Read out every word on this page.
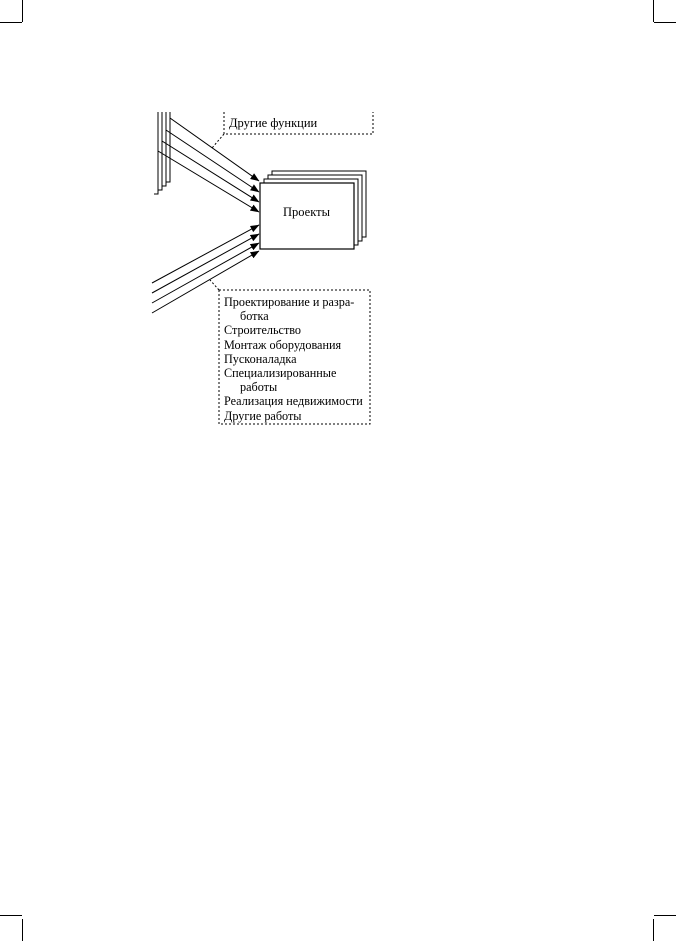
Другие функции
Проекты
Проектирование и разра-
ботка
Строительство
Монтаж оборудования
Пусконаладка
Специализированные
работы
Реализация недвижимости
Другие работы
